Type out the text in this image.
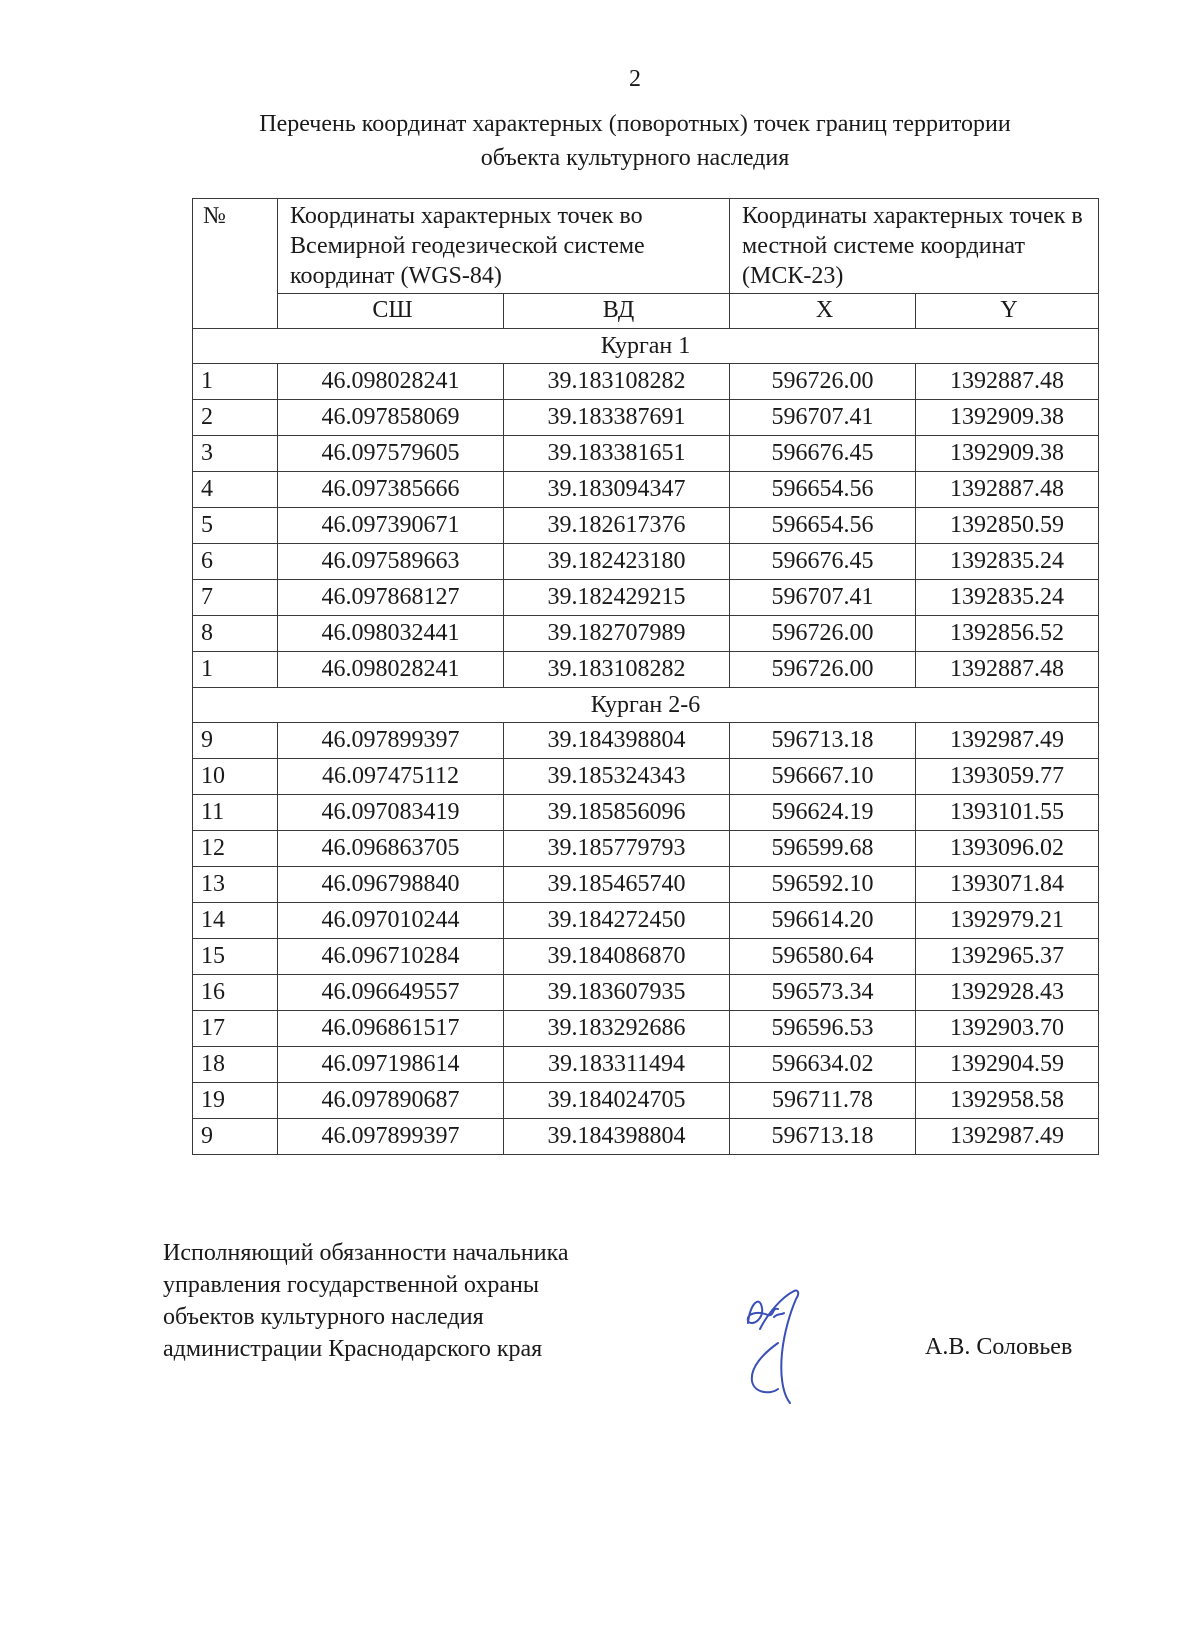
2
Перечень координат характерных (поворотных) точек границ территории
объекта культурного наследия
№	Координаты характерных точек во Всемирной геодезической системе координат (WGS-84)		Координаты характерных точек в местной системе координат (МСК-23)	
	СШ	ВД	X	Y
Курган 1				
1	46.098028241	39.183108282	596726.00	1392887.48
2	46.097858069	39.183387691	596707.41	1392909.38
3	46.097579605	39.183381651	596676.45	1392909.38
4	46.097385666	39.183094347	596654.56	1392887.48
5	46.097390671	39.182617376	596654.56	1392850.59
6	46.097589663	39.182423180	596676.45	1392835.24
7	46.097868127	39.182429215	596707.41	1392835.24
8	46.098032441	39.182707989	596726.00	1392856.52
1	46.098028241	39.183108282	596726.00	1392887.48
Курган 2-6				
9	46.097899397	39.184398804	596713.18	1392987.49
10	46.097475112	39.185324343	596667.10	1393059.77
11	46.097083419	39.185856096	596624.19	1393101.55
12	46.096863705	39.185779793	596599.68	1393096.02
13	46.096798840	39.185465740	596592.10	1393071.84
14	46.097010244	39.184272450	596614.20	1392979.21
15	46.096710284	39.184086870	596580.64	1392965.37
16	46.096649557	39.183607935	596573.34	1392928.43
17	46.096861517	39.183292686	596596.53	1392903.70
18	46.097198614	39.183311494	596634.02	1392904.59
19	46.097890687	39.184024705	596711.78	1392958.58
9	46.097899397	39.184398804	596713.18	1392987.49
Исполняющий обязанности начальника
управления государственной охраны
объектов культурного наследия
администрации Краснодарского края	А.В. Соловьев
